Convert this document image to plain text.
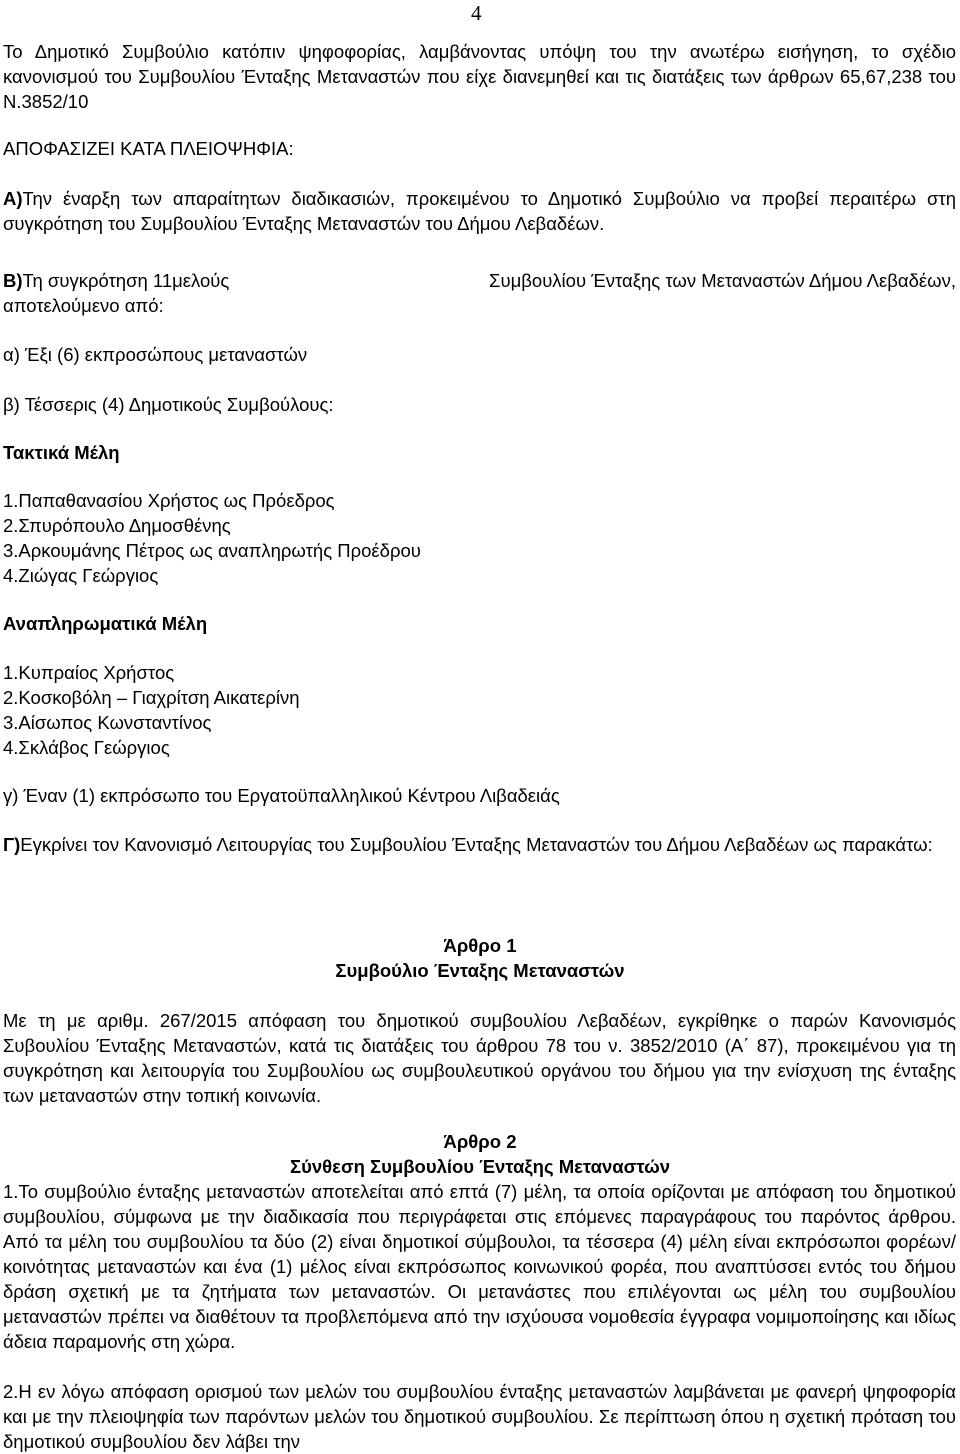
4

Το Δημοτικό Συμβούλιο κατόπιν ψηφοφορίας, λαμβάνοντας υπόψη του την ανωτέρω εισήγηση, το σχέδιο κανονισμού του Συμβουλίου Ένταξης Μεταναστών που είχε διανεμηθεί και τις διατάξεις των άρθρων 65,67,238 του Ν.3852/10

ΑΠΟΦΑΣΙΖΕΙ ΚΑΤΑ ΠΛΕΙΟΨΗΦΙΑ:

Α)Την έναρξη των απαραίτητων διαδικασιών, προκειμένου το Δημοτικό Συμβούλιο να προβεί περαιτέρω στη συγκρότηση του Συμβουλίου Ένταξης Μεταναστών του Δήμου Λεβαδέων.

Β)Τη συγκρότηση 11μελούς	Συμβουλίου Ένταξης των Μεταναστών Δήμου Λεβαδέων,
αποτελούμενο από:

α) Έξι (6) εκπροσώπους μεταναστών

β) Τέσσερις (4) Δημοτικούς Συμβούλους:

Τακτικά Μέλη

1.Παπαθανασίου Χρήστος ως Πρόεδρος
2.Σπυρόπουλο Δημοσθένης
3.Αρκουμάνης Πέτρος ως αναπληρωτής Προέδρου
4.Ζιώγας Γεώργιος

Αναπληρωματικά Μέλη

1.Κυπραίος Χρήστος
2.Κοσκοβόλη – Γιαχρίτση Αικατερίνη
3.Αίσωπος Κωνσταντίνος
4.Σκλάβος Γεώργιος

γ) Έναν (1) εκπρόσωπο του Εργατοϋπαλληλικού Κέντρου Λιβαδειάς

Γ)Εγκρίνει τον Κανονισμό Λειτουργίας του Συμβουλίου Ένταξης Μεταναστών του Δήμου Λεβαδέων ως παρακάτω:

Άρθρο 1

Συμβούλιο Ένταξης Μεταναστών

Με τη με αριθμ. 267/2015 απόφαση του δημοτικού συμβουλίου Λεβαδέων, εγκρίθηκε ο παρών Κανονισμός Συβουλίου Ένταξης Μεταναστών, κατά τις διατάξεις του άρθρου 78 του ν. 3852/2010 (Α΄ 87), προκειμένου για τη συγκρότηση και λειτουργία του Συμβουλίου ως συμβουλευτικού οργάνου του δήμου για την ενίσχυση της ένταξης των μεταναστών στην τοπική κοινωνία.

Άρθρο 2

Σύνθεση Συμβουλίου Ένταξης Μεταναστών

1.Το συμβούλιο ένταξης μεταναστών αποτελείται από επτά (7) μέλη, τα οποία ορίζονται με απόφαση του δημοτικού συμβουλίου, σύμφωνα με την διαδικασία που περιγράφεται στις επόμενες παραγράφους του παρόντος άρθρου. Από τα μέλη του συμβουλίου τα δύο (2) είναι δημοτικοί σύμβουλοι, τα τέσσερα (4) μέλη είναι εκπρόσωποι φορέων/κοινότητας μεταναστών και ένα (1) μέλος είναι εκπρόσωπος κοινωνικού φορέα, που αναπτύσσει εντός του δήμου δράση σχετική με τα ζητήματα των μεταναστών. Οι μετανάστες που επιλέγονται ως μέλη του συμβουλίου μεταναστών πρέπει να διαθέτουν τα προβλεπόμενα από την ισχύουσα νομοθεσία έγγραφα νομιμοποίησης και ιδίως άδεια παραμονής στη χώρα.

2.Η εν λόγω απόφαση ορισμού των μελών του συμβουλίου ένταξης μεταναστών λαμβάνεται με φανερή ψηφοφορία και με την πλειοψηφία των παρόντων μελών του δημοτικού συμβουλίου. Σε περίπτωση όπου η σχετική πρόταση του δημοτικού συμβουλίου δεν λάβει την
